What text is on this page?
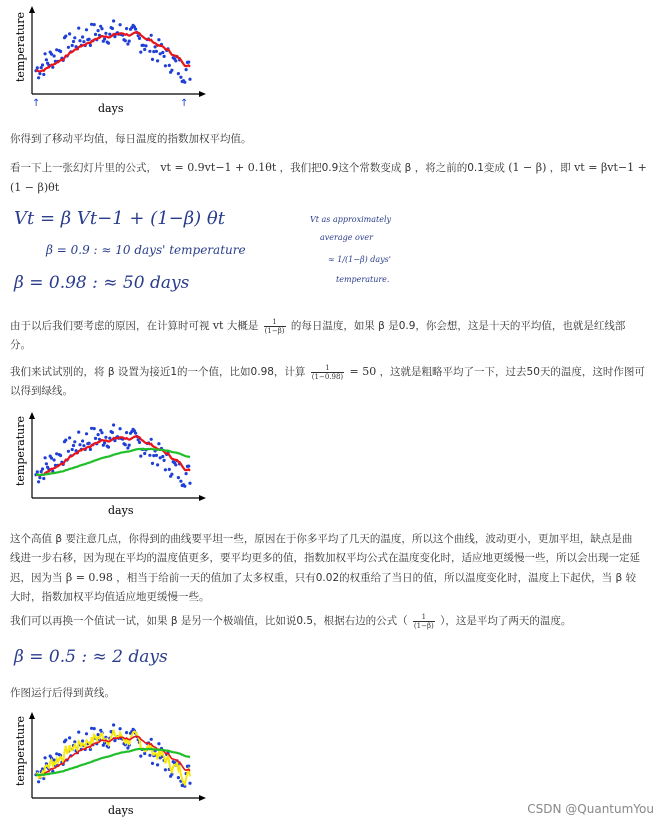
temperature
days
↑	↑
你得到了移动平均值，每日温度的指数加权平均值。
看一下上一张幻灯片里的公式， vt = 0.9vt−1 + 0.1θt ，我们把0.9这个常数变成 β ，将之前的0.1变成 (1 − β) ，即 vt = βvt−1 +
(1 − β)θt
Vt = β Vt−1 + (1−β) θt
β = 0.9 : ≈ 10 days' temperature
β = 0.98 : ≈ 50 days
Vt as approximately
average over
≈ 1/(1−β) days'
temperature.
由于以后我们要考虑的原因，在计算时可视 vt 大概是 $\frac{1}{(1-\beta)}$ 的每日温度，如果 β 是0.9，你会想，这是十天的平均值，也就是红线部
分。
我们来试试别的，将 β 设置为接近1的一个值，比如0.98，计算 $\frac{1}{(1-0.98)} = 50$ ，这就是粗略平均了一下，过去50天的温度，这时作图可
以得到绿线。
temperature
days
这个高值 β 要注意几点，你得到的曲线要平坦一些，原因在于你多平均了几天的温度，所以这个曲线，波动更小，更加平坦，缺点是曲
线进一步右移，因为现在平均的温度值更多，要平均更多的值，指数加权平均公式在温度变化时，适应地更缓慢一些，所以会出现一定延
迟，因为当 β = 0.98 ，相当于给前一天的值加了太多权重，只有0.02的权重给了当日的值，所以温度变化时，温度上下起伏，当 β 较
大时，指数加权平均值适应地更缓慢一些。
我们可以再换一个值试一试，如果 β 是另一个极端值，比如说0.5，根据右边的公式（ $\frac{1}{(1-\beta)}$ ），这是平均了两天的温度。
β = 0.5 : ≈ 2 days
作图运行后得到黄线。
temperature
days	CSDN @QuantumYou
